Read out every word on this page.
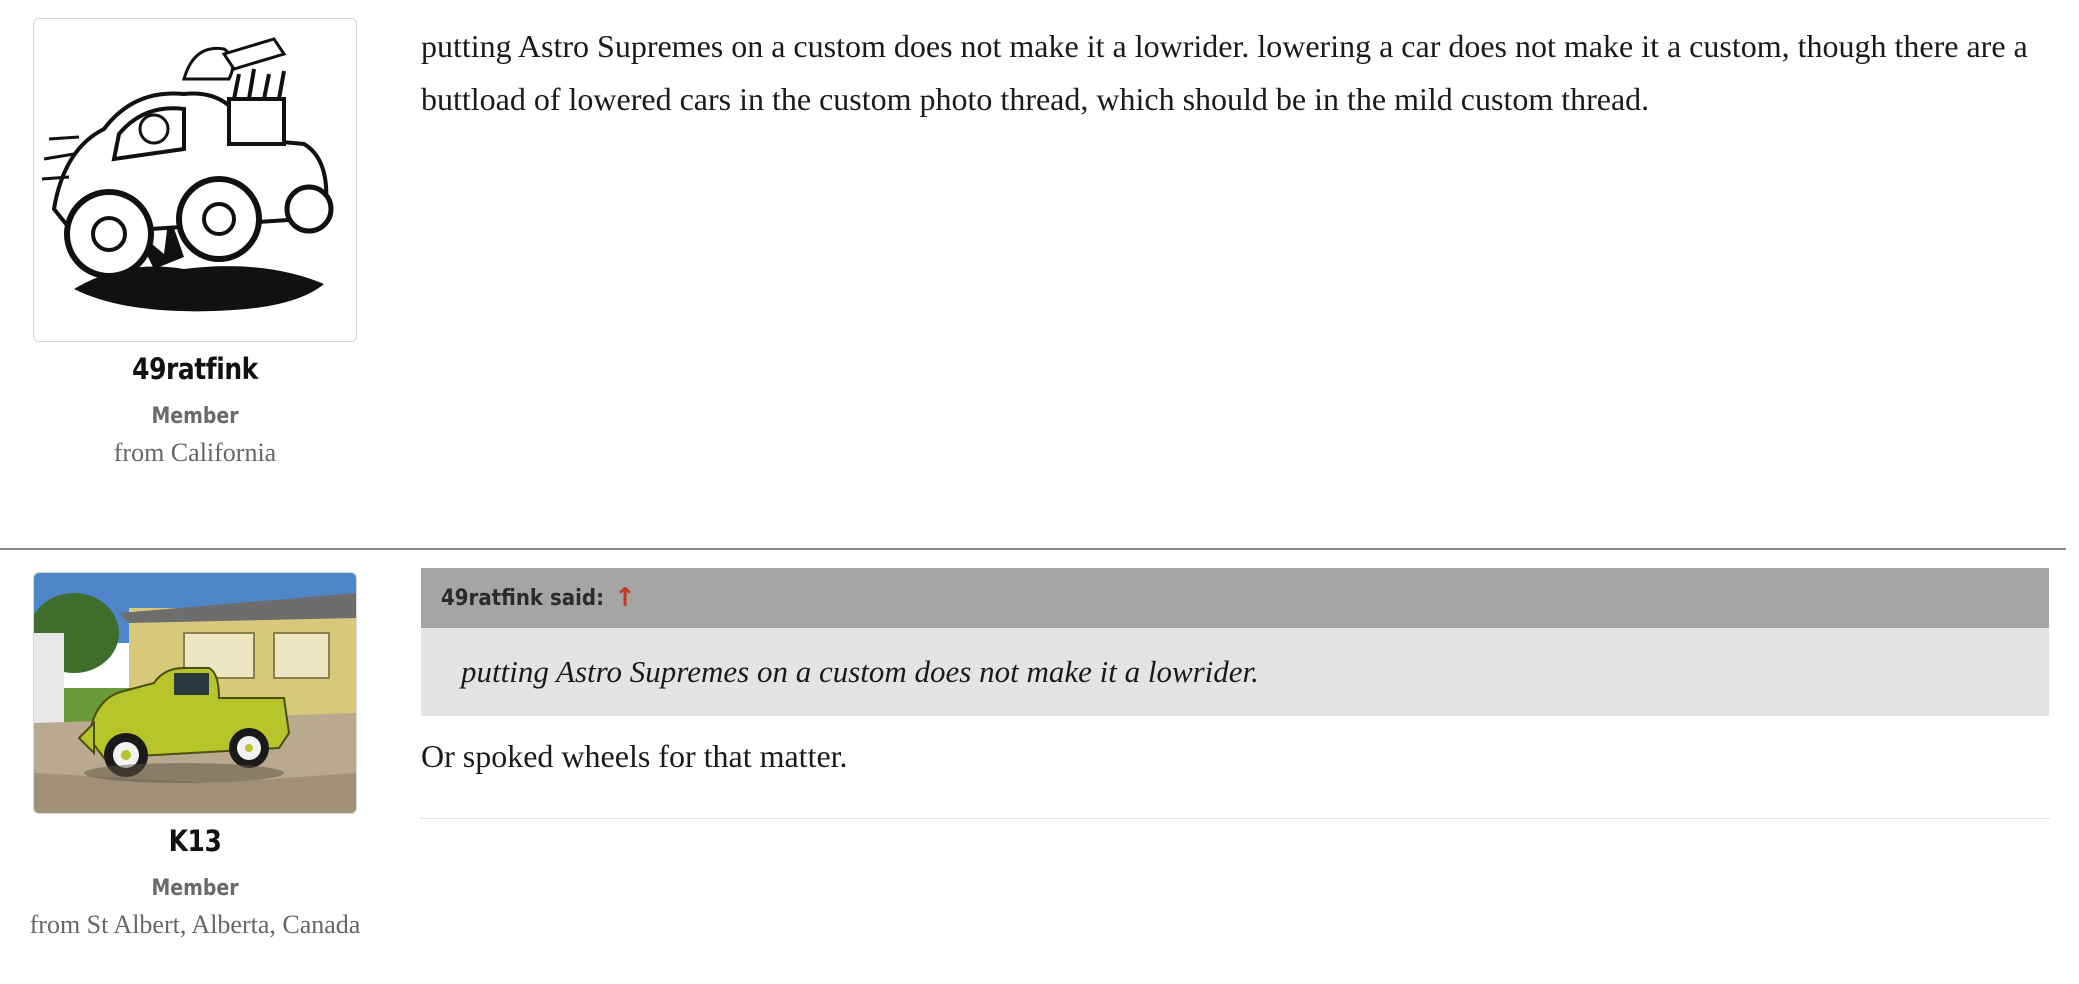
49ratfink
Member
from California
putting Astro Supremes on a custom does not make it a lowrider. lowering a car does not make it a custom, though there are a buttload of lowered cars in the custom photo thread, which should be in the mild custom thread.
K13
Member
from St Albert, Alberta, Canada
49ratfink said: ↑
putting Astro Supremes on a custom does not make it a lowrider.
Or spoked wheels for that matter.
